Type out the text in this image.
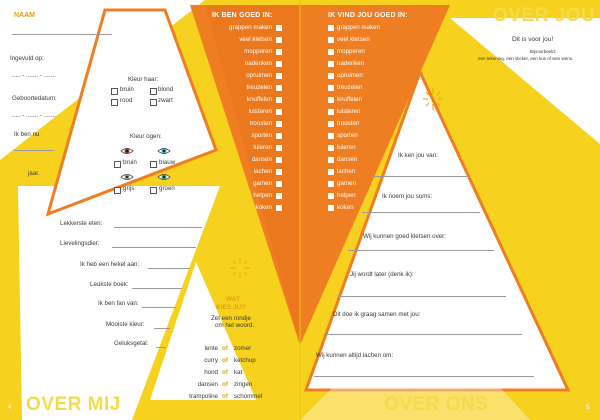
NAAM
Ingevuld op:
..... - ....... - .......
Geboortedatum:
..... - ....... - .......
Ik ben nu
jaar.
Kleur haar:
bruin	blond
rood	zwart
Kleur ogen:
bruin	blauw
grijs	groen
Lekkerste eten:
Lievelingsdier:
Ik heb een hekel aan:
Leukste boek:
Ik ben fan van:
Mooiste kleur:
Geluksgetal:
Foto!
WAT
KIES JIJ?
Zet een rondje
om het woord.
lente of zomer
curry of ketchup
hond of kat
dansen of zingen
trampoline of schommel
OVER MIJ
4
IK BEN GOED IN:
grappen maken
veel kletsen
mopperen
nadenken
opruimen
treuzelen
knuffelen
luisteren
troosten
sporten
luieren
dansen
lachen
gamen
helpen
koken
IK VIND JOU GOED IN:
grappen maken
veel kletsen
mopperen
nadenken
opruimen
treuzelen
knuffelen
luisteren
troosten
sporten
luieren
dansen
lachen
gamen
helpen
koken
OVER JOU
Dit is voor jou!
Bijvoorbeeld:
een tekening, een sticker, een kus of wes wens.
Ik ken jou van:
Ik noem jou soms:
Wij kunnen goed kletsen over:
Jij wordt later (denk ik):
Dit doe ik graag samen met jou:
Wij kunnen altijd lachen om:
OVER ONS	5
